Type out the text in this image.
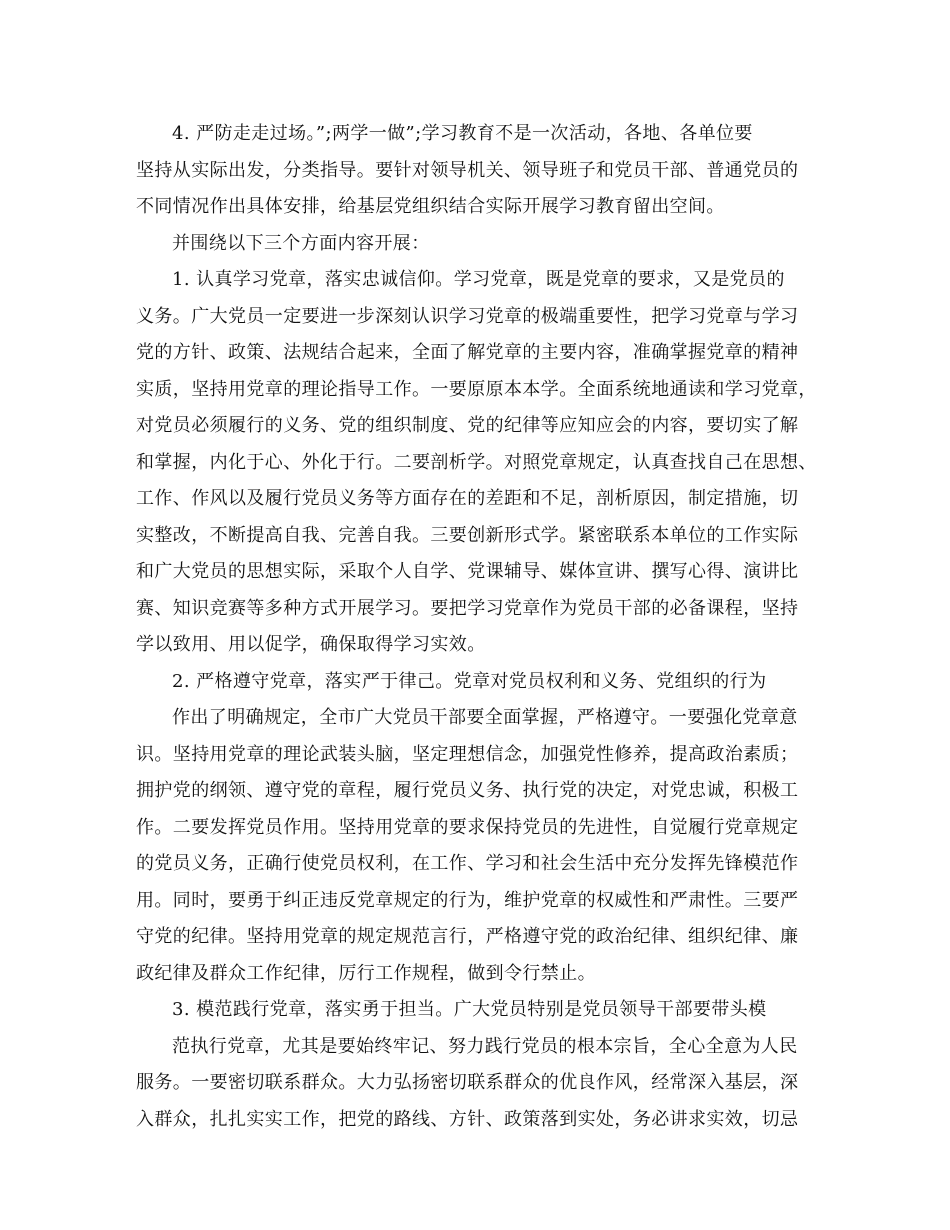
4. 严防走走过场。”;两学一做”;学习教育不是一次活动，各地、各单位要
坚持从实际出发，分类指导。要针对领导机关、领导班子和党员干部、普通党员的
不同情况作出具体安排，给基层党组织结合实际开展学习教育留出空间。
并围绕以下三个方面内容开展：
1. 认真学习党章，落实忠诚信仰。学习党章，既是党章的要求，又是党员的
义务。广大党员一定要进一步深刻认识学习党章的极端重要性，把学习党章与学习
党的方针、政策、法规结合起来，全面了解党章的主要内容，准确掌握党章的精神
实质，坚持用党章的理论指导工作。一要原原本本学。全面系统地通读和学习党章，
对党员必须履行的义务、党的组织制度、党的纪律等应知应会的内容，要切实了解
和掌握，内化于心、外化于行。二要剖析学。对照党章规定，认真查找自己在思想、
工作、作风以及履行党员义务等方面存在的差距和不足，剖析原因，制定措施，切
实整改，不断提高自我、完善自我。三要创新形式学。紧密联系本单位的工作实际
和广大党员的思想实际，采取个人自学、党课辅导、媒体宣讲、撰写心得、演讲比
赛、知识竞赛等多种方式开展学习。要把学习党章作为党员干部的必备课程，坚持
学以致用、用以促学，确保取得学习实效。
2. 严格遵守党章，落实严于律己。党章对党员权利和义务、党组织的行为
作出了明确规定，全市广大党员干部要全面掌握，严格遵守。一要强化党章意
识。坚持用党章的理论武装头脑，坚定理想信念，加强党性修养，提高政治素质；
拥护党的纲领、遵守党的章程，履行党员义务、执行党的决定，对党忠诚，积极工
作。二要发挥党员作用。坚持用党章的要求保持党员的先进性，自觉履行党章规定
的党员义务，正确行使党员权利，在工作、学习和社会生活中充分发挥先锋模范作
用。同时，要勇于纠正违反党章规定的行为，维护党章的权威性和严肃性。三要严
守党的纪律。坚持用党章的规定规范言行，严格遵守党的政治纪律、组织纪律、廉
政纪律及群众工作纪律，厉行工作规程，做到令行禁止。
3. 模范践行党章，落实勇于担当。广大党员特别是党员领导干部要带头模
范执行党章，尤其是要始终牢记、努力践行党员的根本宗旨，全心全意为人民
服务。一要密切联系群众。大力弘扬密切联系群众的优良作风，经常深入基层，深
入群众，扎扎实实工作，把党的路线、方针、政策落到实处，务必讲求实效，切忌
